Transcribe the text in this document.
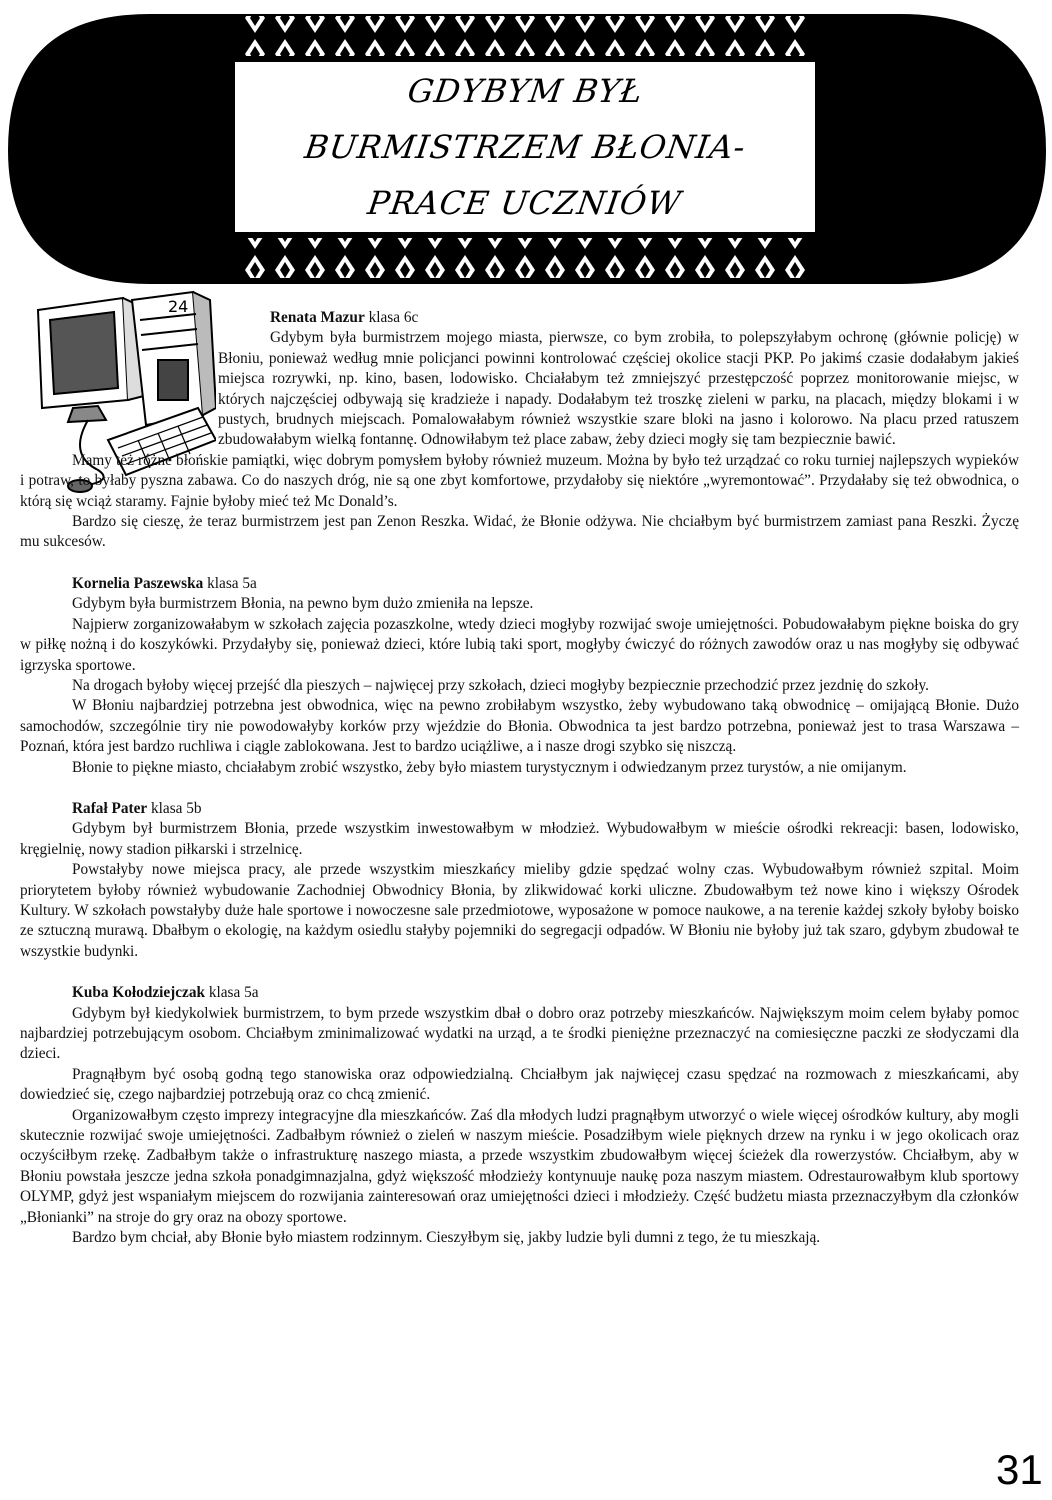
GDYBYM BYŁ
BURMISTRZEM BŁONIA-
PRACE UCZNIÓW
24

Renata Mazur klasa 6c

Gdybym była burmistrzem mojego miasta, pierwsze, co bym zrobiła, to polepszyłabym ochronę (głównie policję) w Błoniu, ponieważ według mnie policjanci powinni kontrolować częściej okolice stacji PKP. Po jakimś czasie dodałabym jakieś miejsca rozrywki, np. kino, basen, lodowisko. Chciałabym też zmniejszyć przestępczość poprzez monitorowanie miejsc, w których najczęściej odbywają się kradzieże i napady. Dodałabym też troszkę zieleni w parku, na placach, między blokami i w pustych, brudnych miejscach. Pomalowałabym również wszystkie szare bloki na jasno i kolorowo. Na placu przed ratuszem zbudowałabym wielką fontannę. Odnowiłabym też place zabaw, żeby dzieci mogły się tam bezpiecznie bawić.

Mamy też różne błońskie pamiątki, więc dobrym pomysłem byłoby również muzeum. Można by było też urządzać co roku turniej najlepszych wypieków i potraw, to byłaby pyszna zabawa. Co do naszych dróg, nie są one zbyt komfortowe, przydałoby się niektóre „wyremontować”. Przydałaby się też obwodnica, o którą się wciąż staramy. Fajnie byłoby mieć też Mc Donald’s.

Bardzo się cieszę, że teraz burmistrzem jest pan Zenon Reszka. Widać, że Błonie odżywa. Nie chciałbym być burmistrzem zamiast pana Reszki. Życzę mu sukcesów.

Kornelia Paszewska klasa 5a

Gdybym była burmistrzem Błonia, na pewno bym dużo zmieniła na lepsze.

Najpierw zorganizowałabym w szkołach zajęcia pozaszkolne, wtedy dzieci mogłyby rozwijać swoje umiejętności. Pobudowałabym piękne boiska do gry w piłkę nożną i do koszykówki. Przydałyby się, ponieważ dzieci, które lubią taki sport, mogłyby ćwiczyć do różnych zawodów oraz u nas mogłyby się odbywać igrzyska sportowe.

Na drogach byłoby więcej przejść dla pieszych – najwięcej przy szkołach, dzieci mogłyby bezpiecznie przechodzić przez jezdnię do szkoły.

W Błoniu najbardziej potrzebna jest obwodnica, więc na pewno zrobiłabym wszystko, żeby wybudowano taką obwodnicę – omijającą Błonie. Dużo samochodów, szczególnie tiry nie powodowałyby korków przy wjeździe do Błonia. Obwodnica ta jest bardzo potrzebna, ponieważ jest to trasa Warszawa – Poznań, która jest bardzo ruchliwa i ciągle zablokowana. Jest to bardzo uciążliwe, a i nasze drogi szybko się niszczą.

Błonie to piękne miasto, chciałabym zrobić wszystko, żeby było miastem turystycznym i odwiedzanym przez turystów, a nie omijanym.

Rafał Pater klasa 5b

Gdybym był burmistrzem Błonia, przede wszystkim inwestowałbym w młodzież. Wybudowałbym w mieście ośrodki rekreacji: basen, lodowisko, kręgielnię, nowy stadion piłkarski i strzelnicę.

Powstałyby nowe miejsca pracy, ale przede wszystkim mieszkańcy mieliby gdzie spędzać wolny czas. Wybudowałbym również szpital. Moim priorytetem byłoby również wybudowanie Zachodniej Obwodnicy Błonia, by zlikwidować korki uliczne. Zbudowałbym też nowe kino i większy Ośrodek Kultury. W szkołach powstałyby duże hale sportowe i nowoczesne sale przedmiotowe, wyposażone w pomoce naukowe, a na terenie każdej szkoły byłoby boisko ze sztuczną murawą. Dbałbym o ekologię, na każdym osiedlu stałyby pojemniki do segregacji odpadów. W Błoniu nie byłoby już tak szaro, gdybym zbudował te wszystkie budynki.

Kuba Kołodziejczak klasa 5a

Gdybym był kiedykolwiek burmistrzem, to bym przede wszystkim dbał o dobro oraz potrzeby mieszkańców. Największym moim celem byłaby pomoc najbardziej potrzebującym osobom. Chciałbym zminimalizować wydatki na urząd, a te środki pieniężne przeznaczyć na comiesięczne paczki ze słodyczami dla dzieci.

Pragnąłbym być osobą godną tego stanowiska oraz odpowiedzialną. Chciałbym jak najwięcej czasu spędzać na rozmowach z mieszkańcami, aby dowiedzieć się, czego najbardziej potrzebują oraz co chcą zmienić.

Organizowałbym często imprezy integracyjne dla mieszkańców. Zaś dla młodych ludzi pragnąłbym utworzyć o wiele więcej ośrodków kultury, aby mogli skutecznie rozwijać swoje umiejętności. Zadbałbym również o zieleń w naszym mieście. Posadziłbym wiele pięknych drzew na rynku i w jego okolicach oraz oczyściłbym rzekę. Zadbałbym także o infrastrukturę naszego miasta, a przede wszystkim zbudowałbym więcej ścieżek dla rowerzystów. Chciałbym, aby w Błoniu powstała jeszcze jedna szkoła ponadgimnazjalna, gdyż większość młodzieży kontynuuje naukę poza naszym miastem. Odrestaurowałbym klub sportowy OLYMP, gdyż jest wspaniałym miejscem do rozwijania zainteresowań oraz umiejętności dzieci i młodzieży. Część budżetu miasta przeznaczyłbym dla członków „Błonianki” na stroje do gry oraz na obozy sportowe.

Bardzo bym chciał, aby Błonie było miastem rodzinnym. Cieszyłbym się, jakby ludzie byli dumni z tego, że tu mieszkają.

31
